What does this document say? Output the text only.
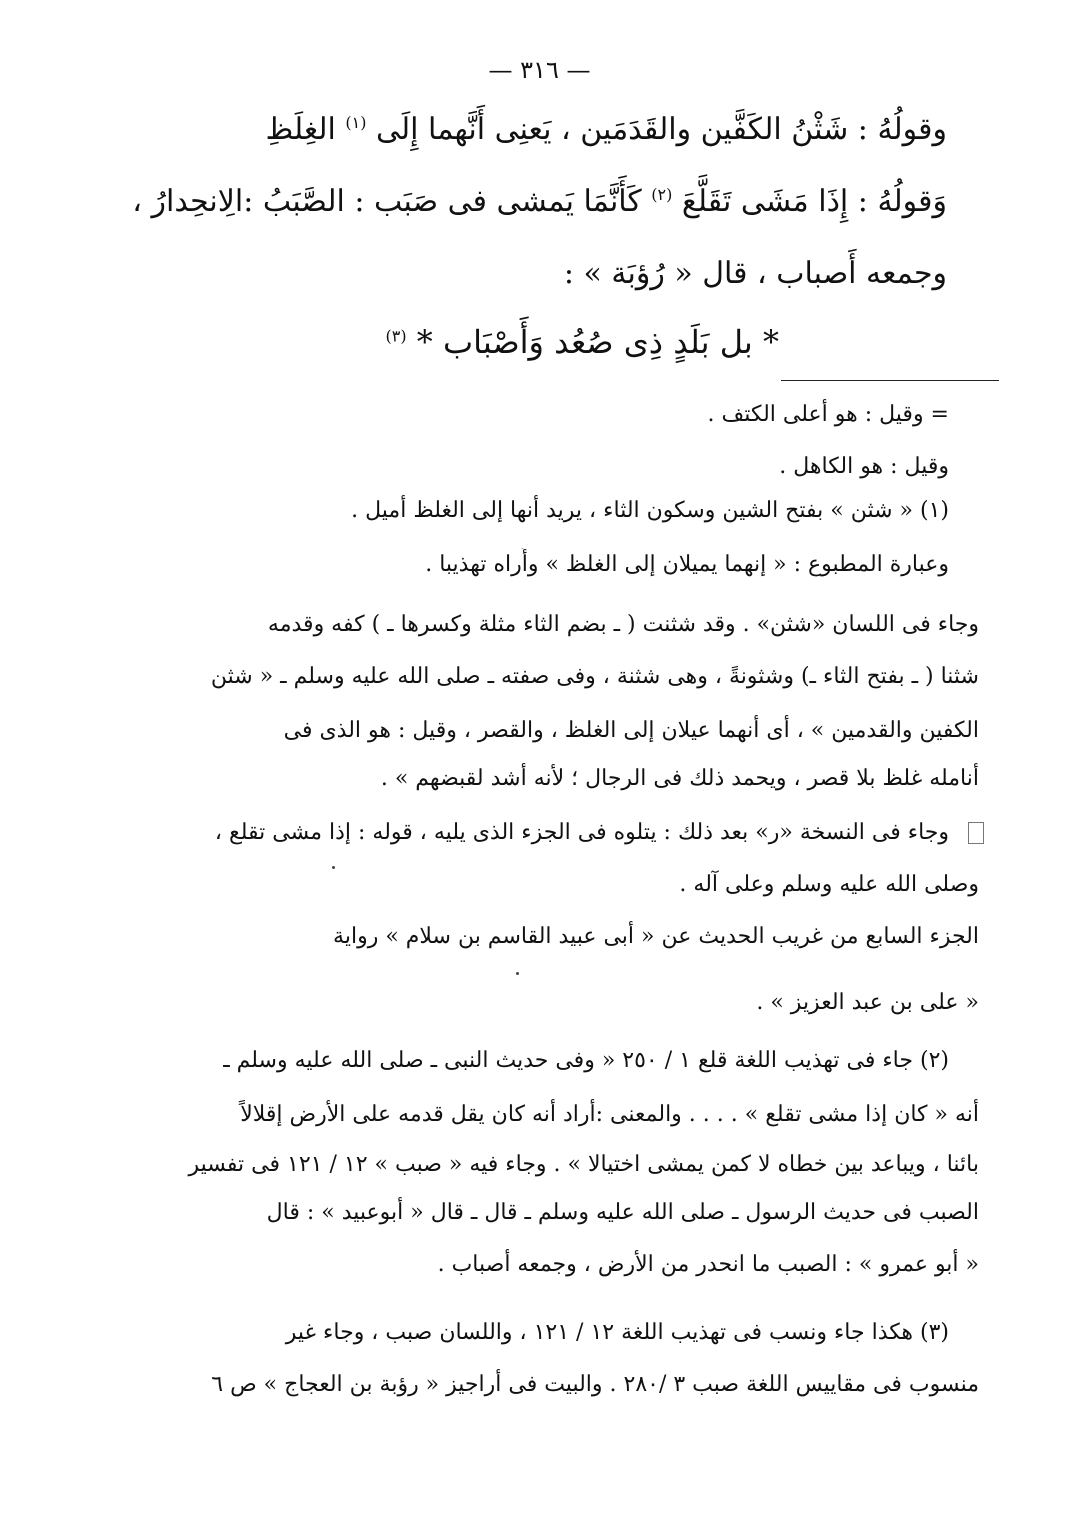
— ٣١٦ —
وقولُهُ : شَثْنُ الكَفَّين والقَدَمَين ، يَعنِى أَنَّهما إِلَى $^{(١)}$ الغِلَظِ
وَقولُهُ : إِذَا مَشَى تَقَلَّعَ $^{(٢)}$ كَأَنَّمَا يَمشى فى صَبَب : الصَّبَبُ :الِانحِدارُ ،
وجمعه أَصباب ، قال « رُؤبَة » :
* بل بَلَدٍ ذِى صُعُد وَأَصْبَاب * $^{(٣)}$
= وقيل : هو أعلى الكتف .
وقيل : هو الكاهل .
(١) « شثن » بفتح الشين وسكون الثاء ، يريد أنها إلى الغلظ أميل .
وعبارة المطبوع : « إنهما يميلان إلى الغلظ » وأُراه تهذيبا .
وجاء فى اللسان «شثن» . وقد شثنت ( ـ بضم الثاء مثلة وكسرها ـ ) كفه وقدمه
شثنا ( ـ بفتح الثاء ـ) وشثونةً ، وهى شثنة ، وفى صفته ـ صلى الله عليه وسلم ـ « شثن
الكفين والقدمين » ، أى أنهما عيلان إلى الغلظ ، والقصر ، وقيل : هو الذى فى
أنامله غلظ بلا قصر ، ويحمد ذلك فى الرجال ؛ لأنه أشد لقبضهم » .
وجاء فى النسخة «ر» بعد ذلك : يتلوه فى الجزء الذى يليه ، قوله : إذا مشى تقلع ،
وصلى الله عليه وسلم وعلى آله .
الجزء السابع من غريب الحديث عن « أبى عبيد القاسم بن سلام » رواية
« على بن عبد العزيز » .
(٢) جاء فى تهذيب اللغة قلع ١ / ٢٥٠ « وفى حديث النبى ـ صلى الله عليه وسلم ـ
أنه « كان إذا مشى تقلع » . . . . والمعنى :أراد أنه كان يقل قدمه على الأرض إقلالاً
بائنا ، ويباعد بين خطاه لا كمن يمشى اختيالا » . وجاء فيه « صبب » ١٢ / ١٢١ فى تفسير
الصبب فى حديث الرسول ـ صلى الله عليه وسلم ـ قال ـ قال « أبوعبيد » : قال
« أبو عمرو » : الصبب ما انحدر من الأرض ، وجمعه أصباب .
(٣) هكذا جاء ونسب فى تهذيب اللغة ١٢ / ١٢١ ، واللسان صبب ، وجاء غير
منسوب فى مقاييس اللغة صبب ٣ /٢٨٠ . والبيت فى أراجيز « رؤبة بن العجاج » ص ٦
